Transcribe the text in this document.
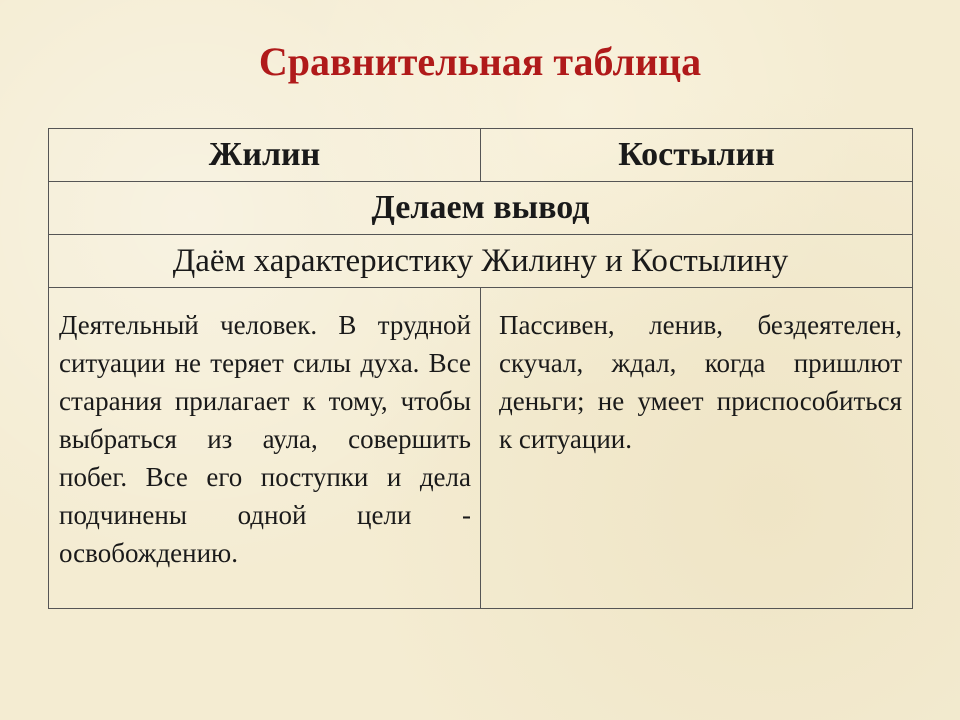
Сравнительная таблица
Жилин	Костылин
Делаем вывод
Даём характеристику Жилину и Костылину
Деятельный человек. В трудной ситуации не теряет силы духа. Все старания прилагает к тому, чтобы выбраться из аула, совершить побег. Все его поступки и дела подчинены одной цели - освобождению.
Пассивен, ленив, бездеятелен, скучал, ждал, когда пришлют деньги; не умеет приспособиться к ситуации.
